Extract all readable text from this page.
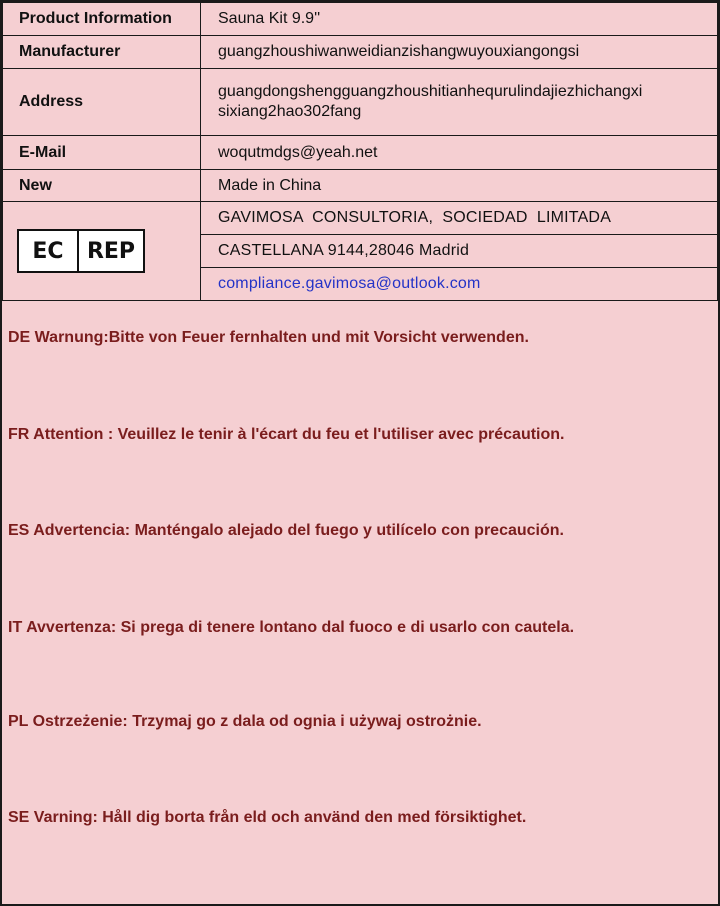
Product Information	Sauna Kit 9.9''
Manufacturer	guangzhoushiwanweidianzishangwuyouxiangongsi
Address	guangdongshengguangzhoushitianhequrulindajiezhichangxi
sixiang2hao302fang

E-Mail	woqutmdgs@yeah.net
New	Made in China

EC REP	GAVIMOSA  CONSULTORIA,  SOCIEDAD  LIMITADA
	CASTELLANA 9144,28046 Madrid
	compliance.gavimosa@outlook.com
DE Warnung:Bitte von Feuer fernhalten und mit Vorsicht verwenden.
FR Attention : Veuillez le tenir à l'écart du feu et l'utiliser avec précaution.
ES Advertencia: Manténgalo alejado del fuego y utilícelo con precaución.
IT Avvertenza: Si prega di tenere lontano dal fuoco e di usarlo con cautela.
PL Ostrzeżenie: Trzymaj go z dala od ognia i używaj ostrożnie.
SE Varning: Håll dig borta från eld och använd den med försiktighet.
